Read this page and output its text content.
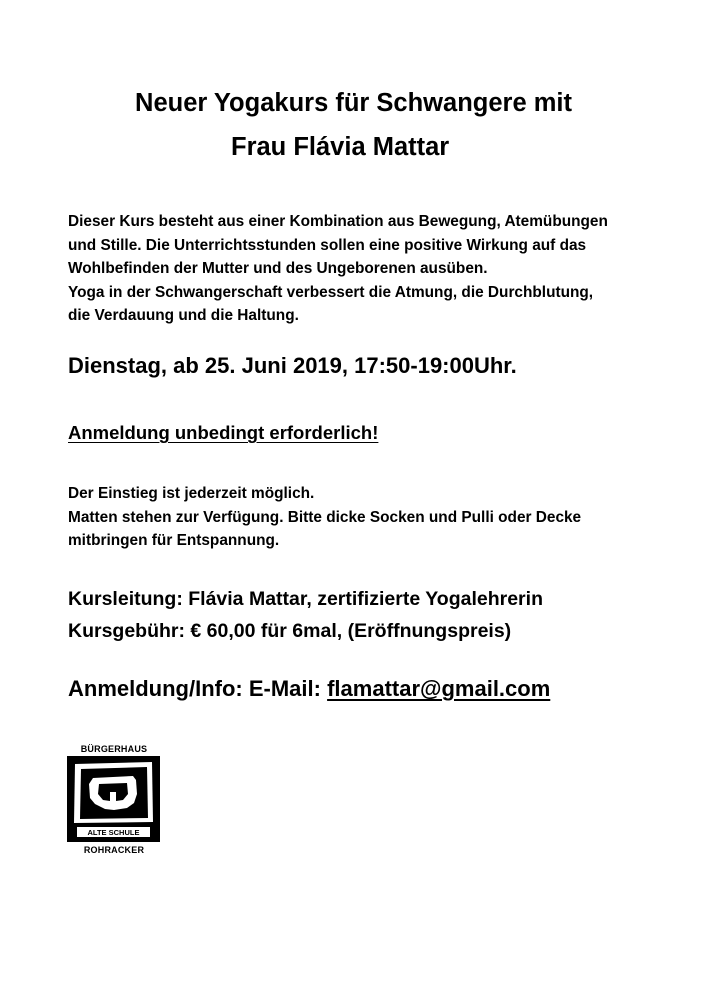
Neuer Yogakurs für Schwangere mit
Frau Flávia Mattar
Dieser Kurs besteht aus einer Kombination aus Bewegung, Atemübungen
und Stille. Die Unterrichtsstunden sollen eine positive Wirkung auf das
Wohlbefinden der Mutter und des Ungeborenen ausüben.
Yoga in der Schwangerschaft verbessert die Atmung, die Durchblutung,
die Verdauung und die Haltung.
Dienstag, ab 25. Juni 2019, 17:50-19:00Uhr.
Anmeldung unbedingt erforderlich!
Der Einstieg ist jederzeit möglich.
Matten stehen zur Verfügung. Bitte dicke Socken und Pulli oder Decke
mitbringen für Entspannung.
Kursleitung: Flávia Mattar, zertifizierte Yogalehrerin
Kursgebühr: € 60,00 für 6mal, (Eröffnungspreis)
Anmeldung/Info: E-Mail: flamattar@gmail.com
BÜRGERHAUS
ALTE SCHULE
ROHRACKER
